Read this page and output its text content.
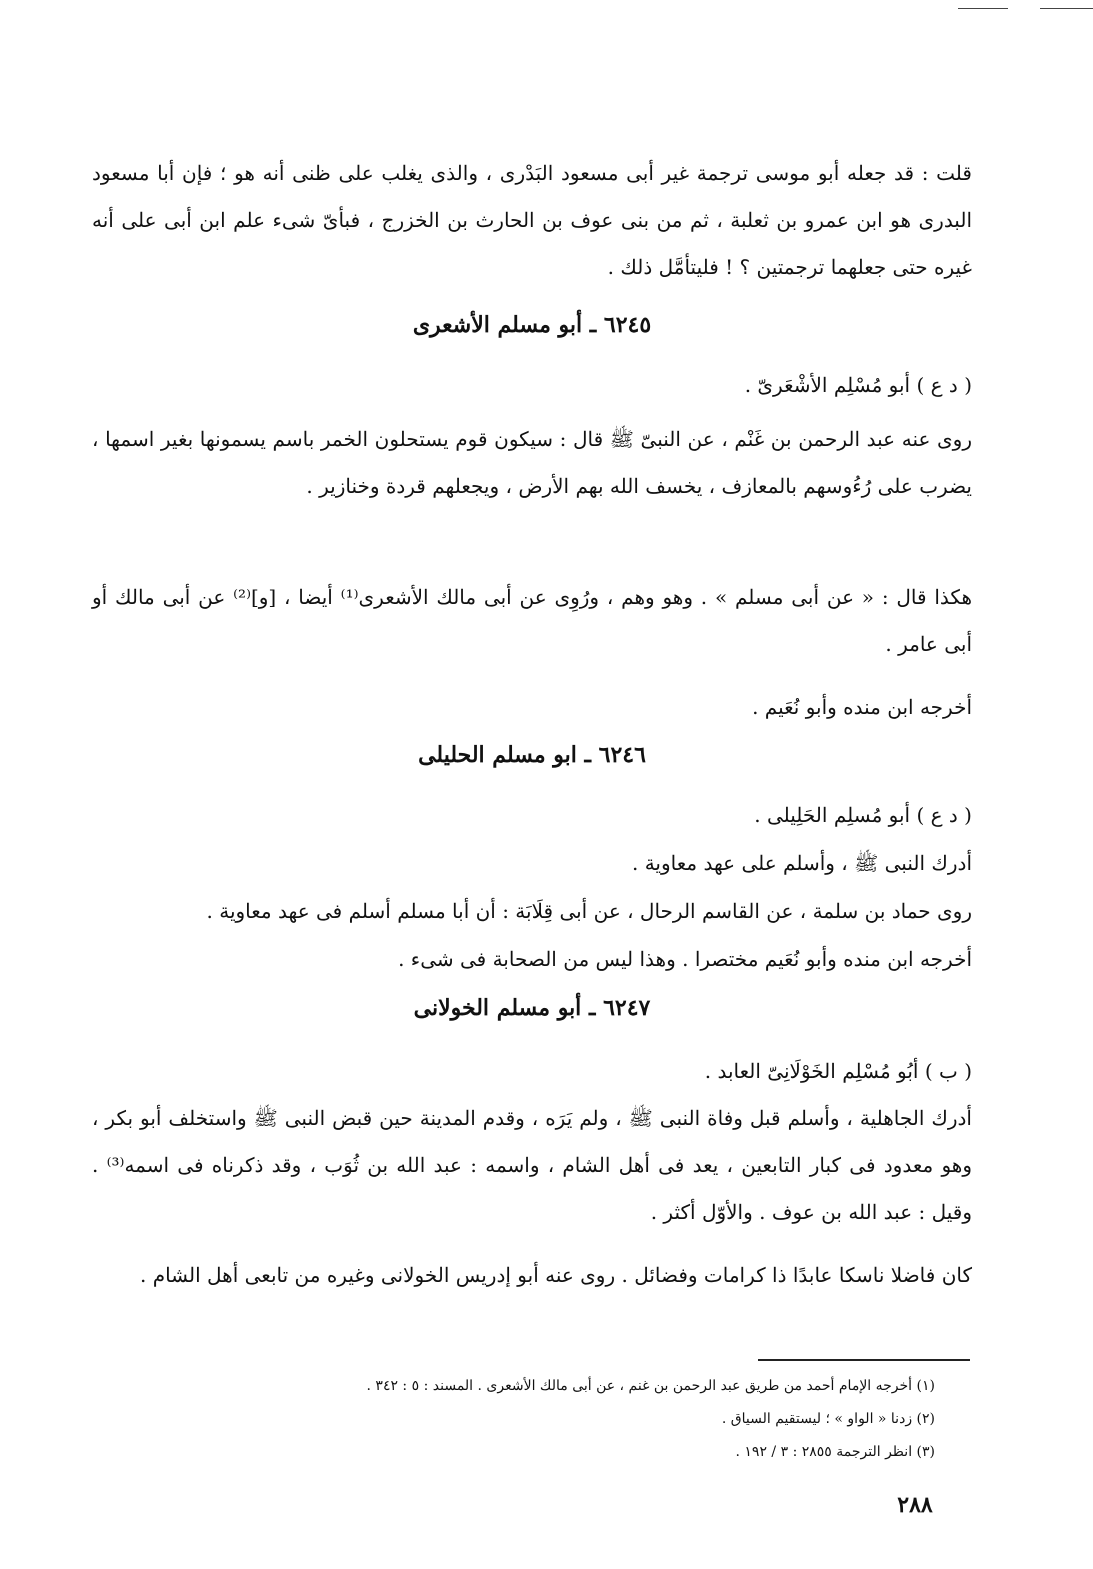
قلت : قد جعله أبو موسى ترجمة غير أبى مسعود البَدْرى ، والذى يغلب على ظنى أنه هو ؛ فإن أبا مسعود البدرى هو ابن عمرو بن ثعلبة ، ثم من بنى عوف بن الحارث بن الخزرج ، فبأىّ شىء علم ابن أبى على أنه غيره حتى جعلهما ترجمتين ؟ ! فليتأمَّل ذلك .
٦٢٤٥ ـ أبو مسلم الأشعرى
( د ع ) أبو مُسْلِم الأشْعَرىّ .
روى عنه عبد الرحمن بن غَنْم ، عن النبىّ ﷺ قال : سيكون قوم يستحلون الخمر باسم يسمونها بغير اسمها ، يضرب على رُءُوسهم بالمعازف ، يخسف الله بهم الأرض ، ويجعلهم قردة وخنازير .
هكذا قال : « عن أبى مسلم » . وهو وهم ، ورُوِى عن أبى مالك الأشعرى⁽¹⁾ أيضا ، [و]⁽²⁾ عن أبى مالك أو أبى عامر .
أخرجه ابن منده وأبو نُعَيم .
٦٢٤٦ ـ ابو مسلم الحليلى
( د ع ) أبو مُسلِم الحَلِيلى .
أدرك النبى ﷺ ، وأسلم على عهد معاوية .
روى حماد بن سلمة ، عن القاسم الرحال ، عن أبى قِلَابَة : أن أبا مسلم أسلم فى عهد معاوية .
أخرجه ابن منده وأبو نُعَيم مختصرا . وهذا ليس من الصحابة فى شىء .
٦٢٤٧ ـ أبو مسلم الخولانى
( ب ) أبُو مُسْلِم الخَوْلَانِىّ العابد .
أدرك الجاهلية ، وأسلم قبل وفاة النبى ﷺ ، ولم يَرَه ، وقدم المدينة حين قبض النبى ﷺ واستخلف أبو بكر ، وهو معدود فى كبار التابعين ، يعد فى أهل الشام ، واسمه : عبد الله بن ثُوَب ، وقد ذكرناه فى اسمه⁽³⁾ . وقيل : عبد الله بن عوف . والأوّل أكثر .
كان فاضلا ناسكا عابدًا ذا كرامات وفضائل . روى عنه أبو إدريس الخولانى وغيره من تابعى أهل الشام .
(١) أخرجه الإمام أحمد من طريق عبد الرحمن بن غنم ، عن أبى مالك الأشعرى . المسند : ٥ : ٣٤٢ .
(٢) زدنا « الواو » ؛ ليستقيم السياق .
(٣) انظر الترجمة ٢٨٥٥ : ٣ / ١٩٢ .
٢٨٨
